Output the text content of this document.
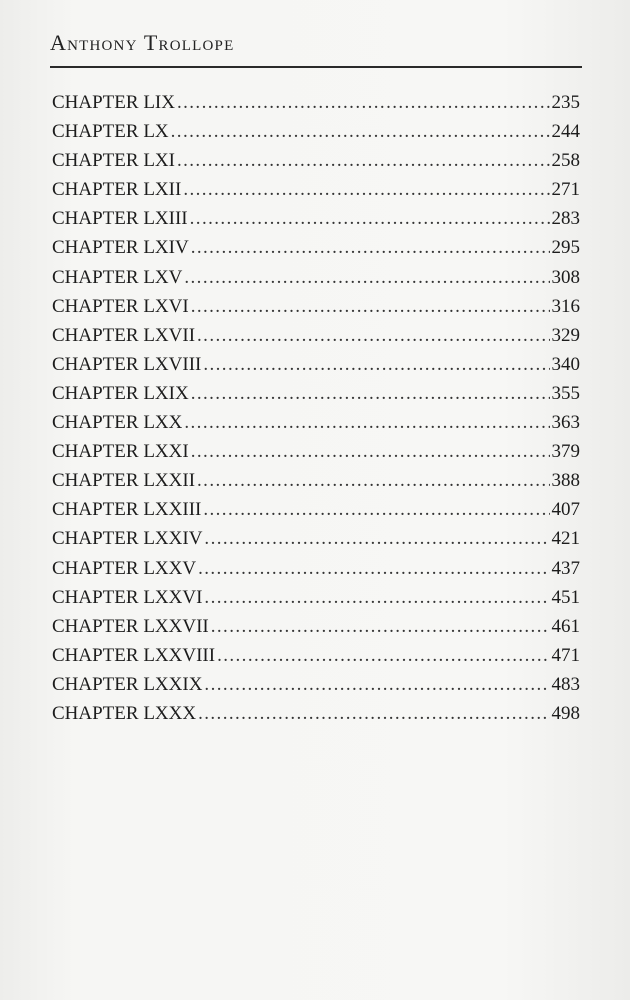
Anthony Trollope
CHAPTER LIX .....	235
CHAPTER LX .....	244
CHAPTER LXI .....	258
CHAPTER LXII .....	271
CHAPTER LXIII .....	283
CHAPTER LXIV .....	295
CHAPTER LXV .....	308
CHAPTER LXVI .....	316
CHAPTER LXVII .....	329
CHAPTER LXVIII .....	340
CHAPTER LXIX .....	355
CHAPTER LXX .....	363
CHAPTER LXXI .....	379
CHAPTER LXXII .....	388
CHAPTER LXXIII .....	407
CHAPTER LXXIV .....	421
CHAPTER LXXV .....	437
CHAPTER LXXVI .....	451
CHAPTER LXXVII .....	461
CHAPTER LXXVIII .....	471
CHAPTER LXXIX .....	483
CHAPTER LXXX .....	498
